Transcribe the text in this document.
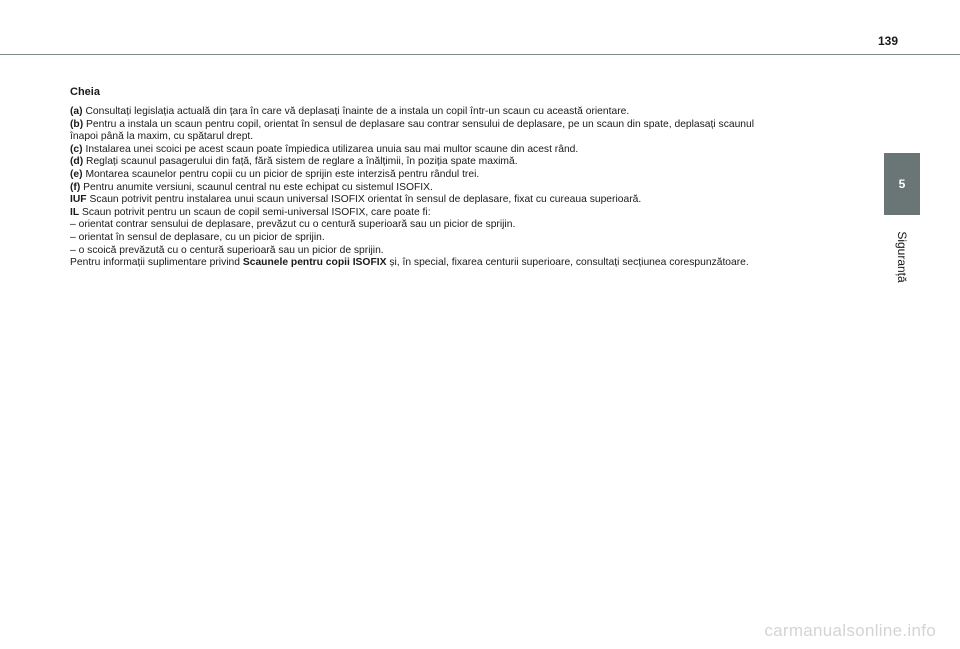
139
5
Siguranță
Cheia
(a) Consultați legislația actuală din țara în care vă deplasați înainte de a instala un copil într-un scaun cu această orientare.
(b) Pentru a instala un scaun pentru copil, orientat în sensul de deplasare sau contrar sensului de deplasare, pe un scaun din spate, deplasați scaunul
înapoi până la maxim, cu spătarul drept.
(c) Instalarea unei scoici pe acest scaun poate împiedica utilizarea unuia sau mai multor scaune din acest rând.
(d) Reglați scaunul pasagerului din față, fără sistem de reglare a înălțimii, în poziția spate maximă.
(e) Montarea scaunelor pentru copii cu un picior de sprijin este interzisă pentru rândul trei.
(f) Pentru anumite versiuni, scaunul central nu este echipat cu sistemul ISOFIX.
IUF Scaun potrivit pentru instalarea unui scaun universal ISOFIX orientat în sensul de deplasare, fixat cu cureaua superioară.
IL Scaun potrivit pentru un scaun de copil semi-universal ISOFIX, care poate fi:
– orientat contrar sensului de deplasare, prevăzut cu o centură superioară sau un picior de sprijin.
– orientat în sensul de deplasare, cu un picior de sprijin.
– o scoică prevăzută cu o centură superioară sau un picior de sprijin.
Pentru informații suplimentare privind Scaunele pentru copii ISOFIX și, în special, fixarea centurii superioare, consultați secțiunea corespunzătoare.
carmanualsonline.info
